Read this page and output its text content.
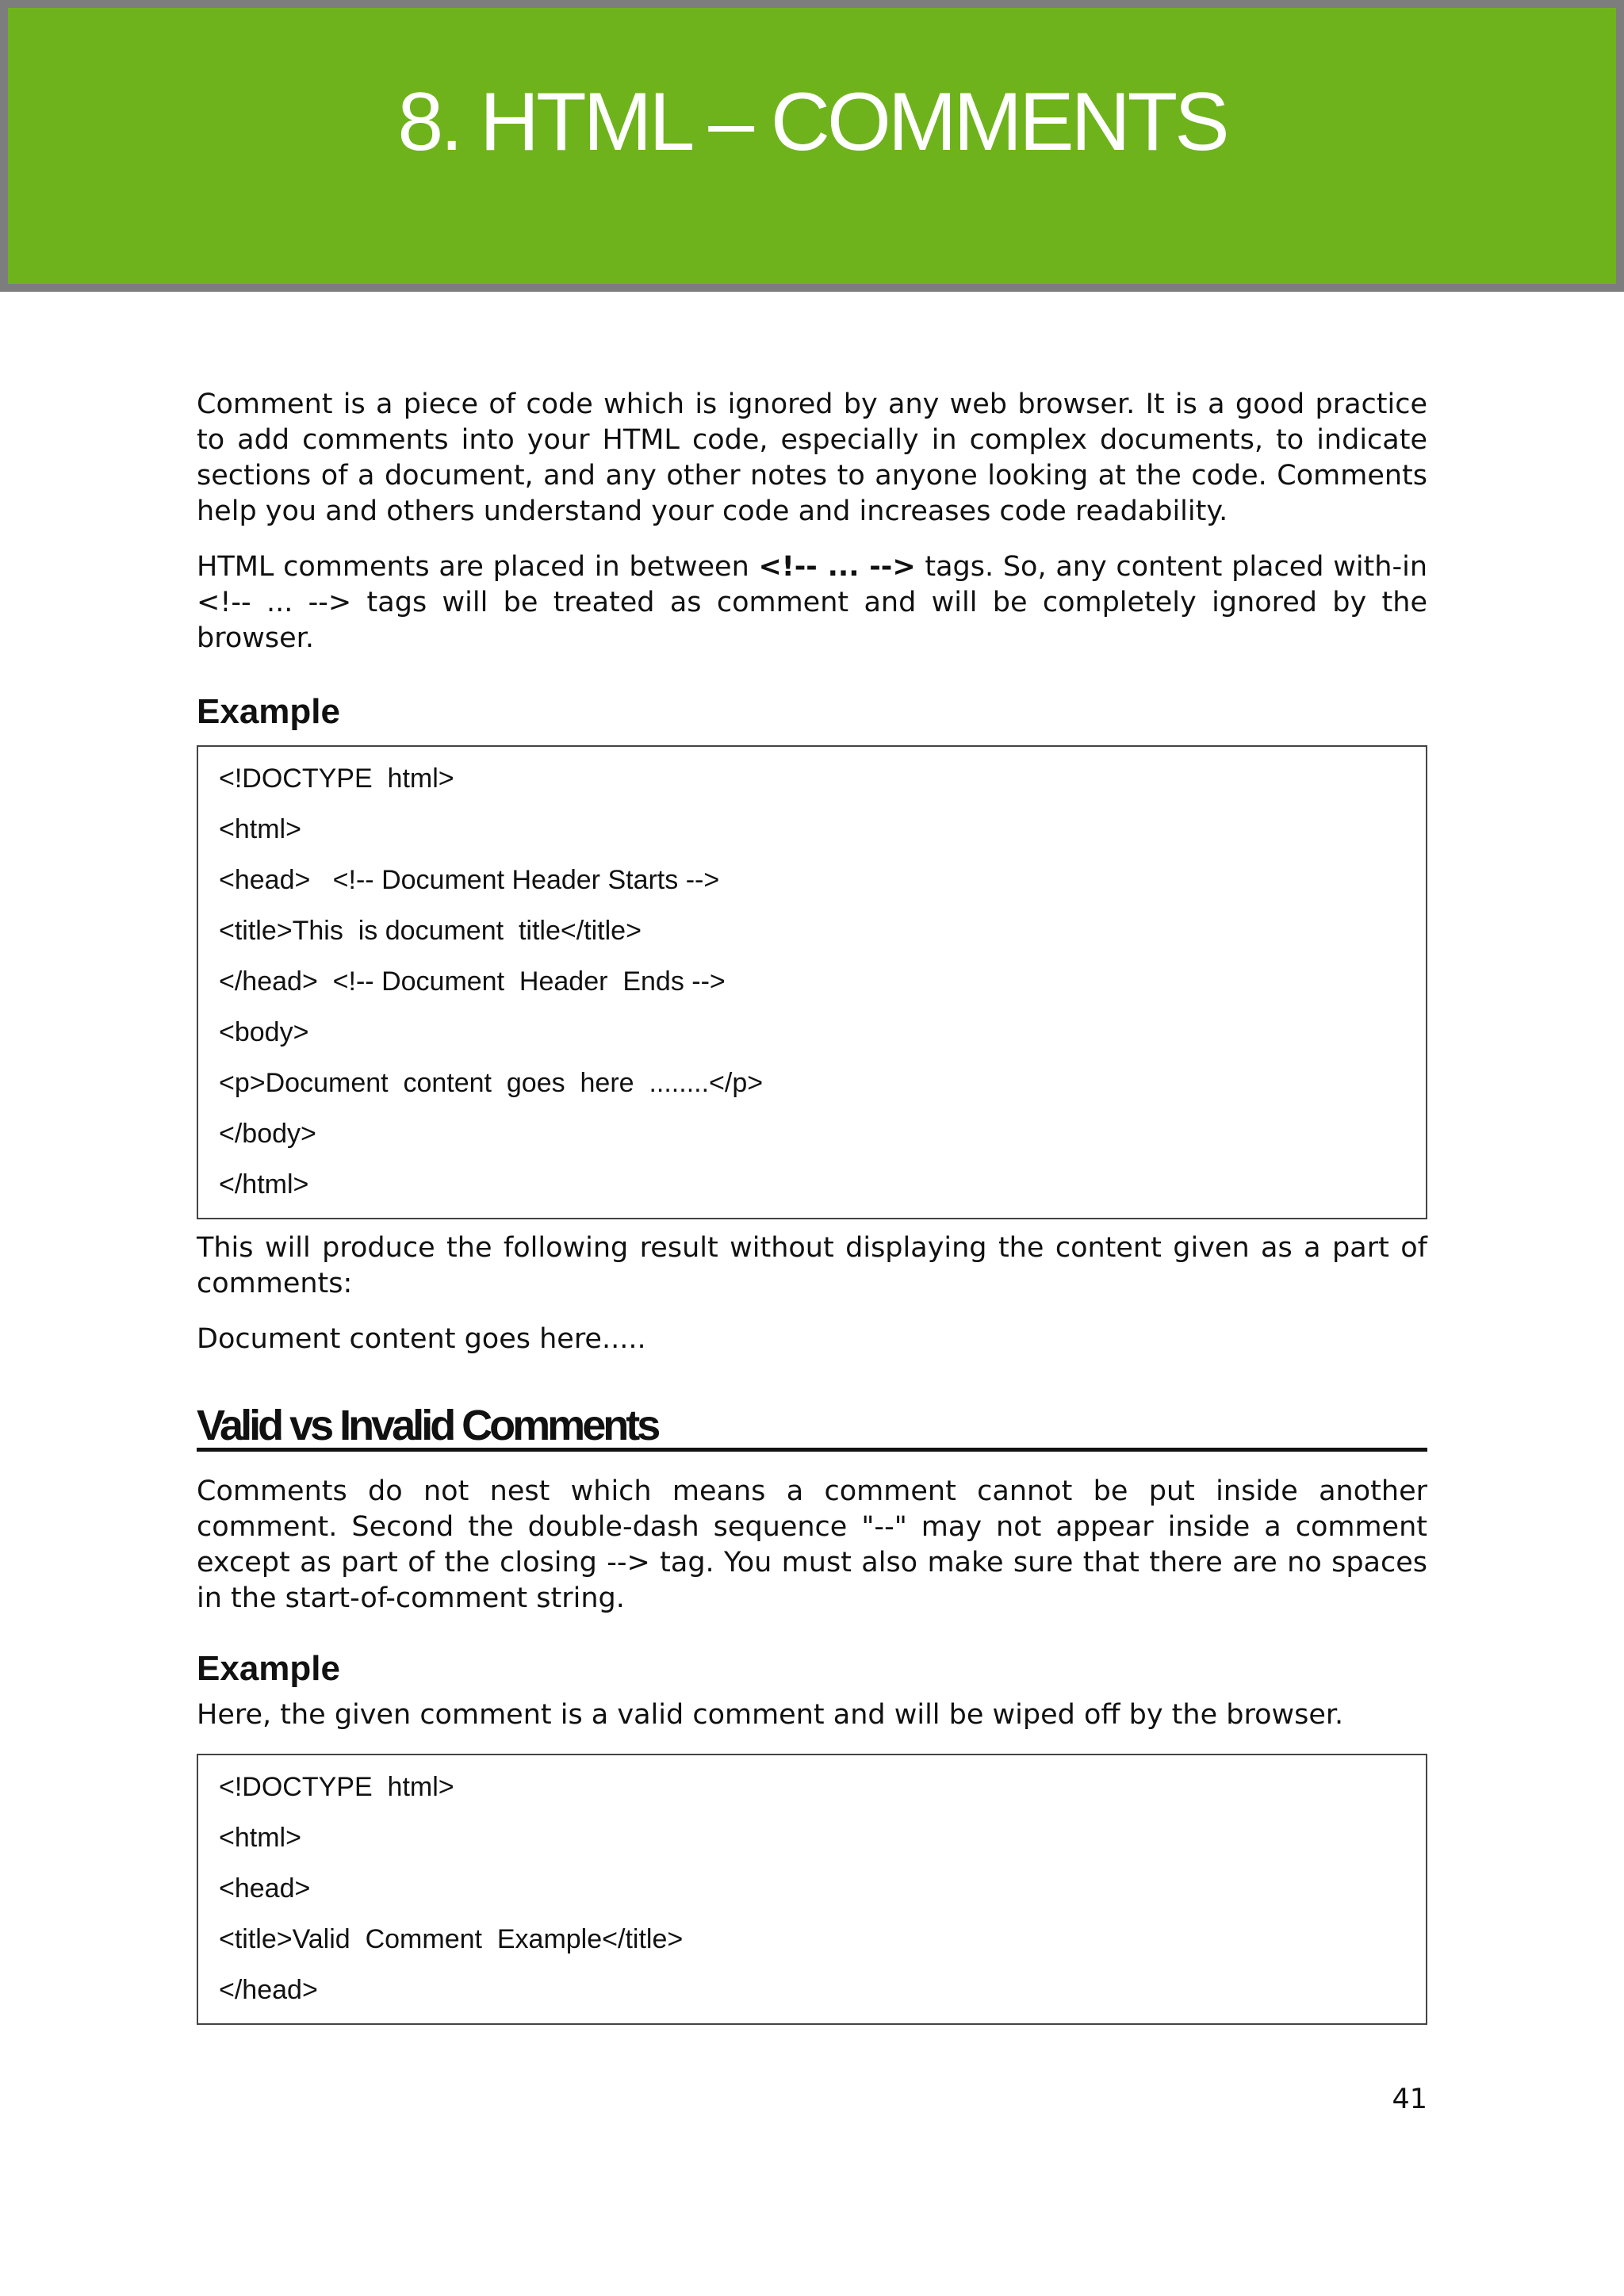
8. HTML – COMMENTS

Comment is a piece of code which is ignored by any web browser. It is a good practice to add comments into your HTML code, especially in complex documents, to indicate sections of a document, and any other notes to anyone looking at the code. Comments help you and others understand your code and increases code readability.

HTML comments are placed in between <!-- ... --> tags. So, any content placed with-in <!-- ... --> tags will be treated as comment and will be completely ignored by the browser.

Example
<!DOCTYPE  html>
<html>
<head>   <!-- Document Header Starts -->
<title>This  is document  title</title>
</head>  <!-- Document  Header  Ends -->
<body>
<p>Document  content  goes  here  ........</p>
</body>
</html>

This will produce the following result without displaying the content given as a part of comments:

Document content goes here.....

Valid vs Invalid Comments

Comments do not nest which means a comment cannot be put inside another comment. Second the double-dash sequence "--" may not appear inside a comment except as part of the closing --> tag. You must also make sure that there are no spaces in the start-of-comment string.

Example

Here, the given comment is a valid comment and will be wiped off by the browser.

<!DOCTYPE  html>
<html>
<head>
<title>Valid  Comment  Example</title>
</head>
41
